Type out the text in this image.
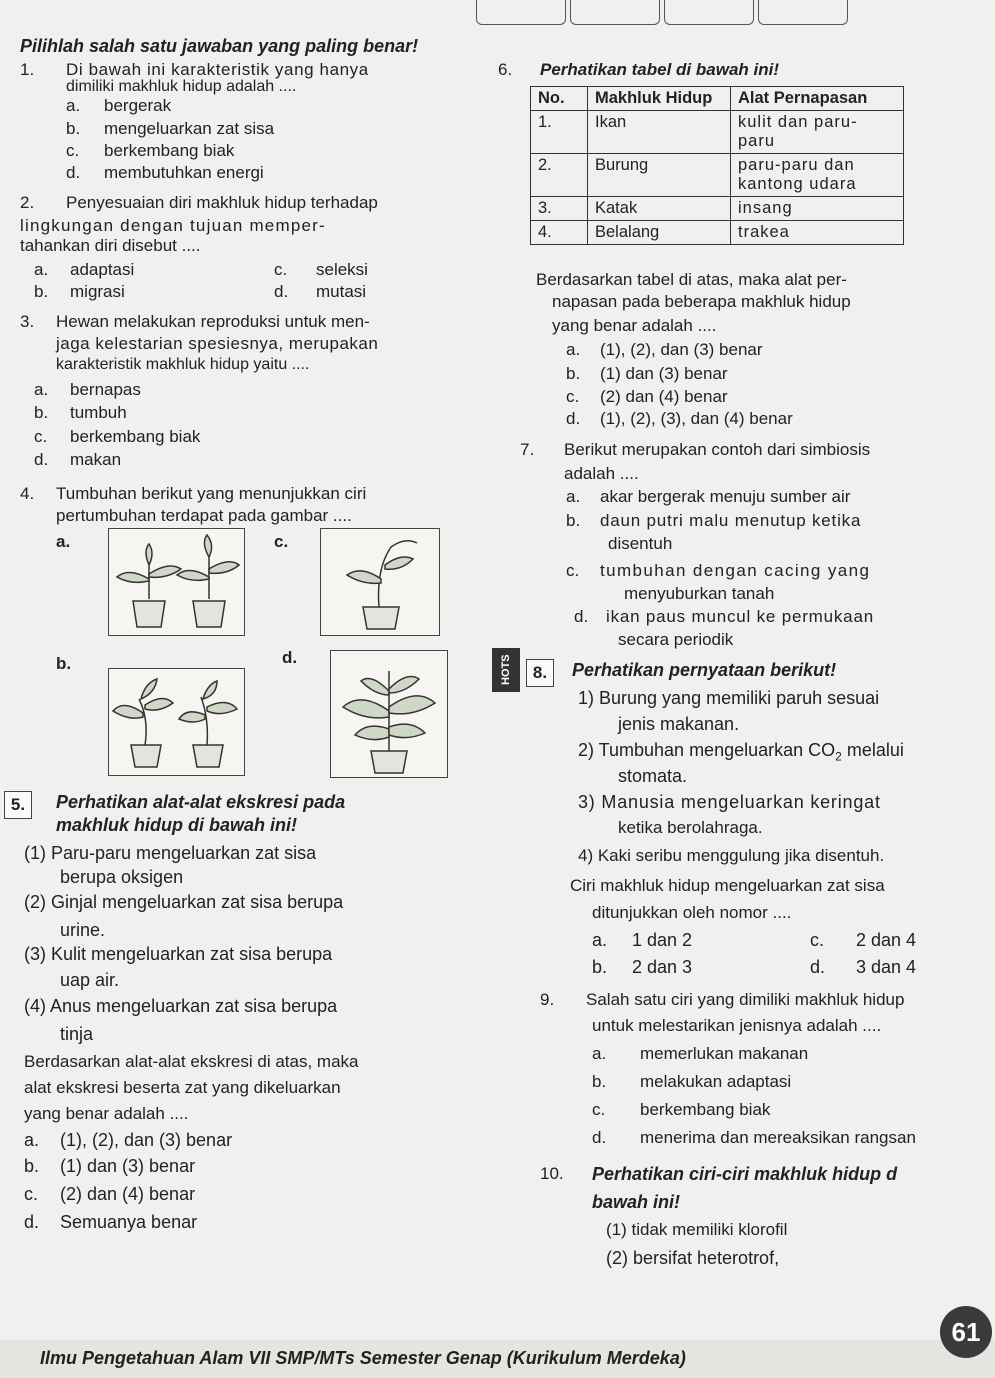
Pilihlah salah satu jawaban yang paling benar!
1. Di bawah ini karakteristik yang hanya
dimiliki makhluk hidup adalah ....
a. bergerak
b. mengeluarkan zat sisa
c. berkembang biak
d. membutuhkan energi
2. Penyesuaian diri makhluk hidup terhadap
lingkungan dengan tujuan memper-
tahankan diri disebut ....
a. adaptasi	c. seleksi
b. migrasi	d. mutasi
3. Hewan melakukan reproduksi untuk men-
jaga kelestarian spesiesnya, merupakan
karakteristik makhluk hidup yaitu ....
a. bernapas
b. tumbuh
c. berkembang biak
d. makan
4. Tumbuhan berikut yang menunjukkan ciri
pertumbuhan terdapat pada gambar ....
a.	c.
b.	d.
5.	Perhatikan alat-alat ekskresi pada
makhluk hidup di bawah ini!
(1) Paru-paru mengeluarkan zat sisa
berupa oksigen
(2) Ginjal mengeluarkan zat sisa berupa
urine.
(3) Kulit mengeluarkan zat sisa berupa
uap air.
(4) Anus mengeluarkan zat sisa berupa
tinja
Berdasarkan alat-alat ekskresi di atas, maka
alat ekskresi beserta zat yang dikeluarkan
yang benar adalah ....
a. (1), (2), dan (3) benar
b. (1) dan (3) benar
c. (2) dan (4) benar
d. Semuanya benar
6. Perhatikan tabel di bawah ini!
No.	Makhluk Hidup	Alat Pernapasan
1.	Ikan	kulit dan paru-
paru

2.	Burung	paru-paru dan
kantong udara

3.	Katak	insang

4.	Belalang	trakea
Berdasarkan tabel di atas, maka alat per-
napasan pada beberapa makhluk hidup
yang benar adalah ....
a. (1), (2), dan (3) benar
b. (1) dan (3) benar
c. (2) dan (4) benar
d. (1), (2), (3), dan (4) benar
7. Berikut merupakan contoh dari simbiosis
adalah ....
a. akar bergerak menuju sumber air
b. daun putri malu menutup ketika
disentuh
c. tumbuhan dengan cacing yang
menyuburkan tanah
d. ikan paus muncul ke permukaan
secara periodik
HOTS	8.	Perhatikan pernyataan berikut!
1) Burung yang memiliki paruh sesuai
jenis makanan.
2) Tumbuhan mengeluarkan $CO_2$ melalui
stomata.
3) Manusia mengeluarkan keringat
ketika berolahraga.
4) Kaki seribu menggulung jika disentuh.
Ciri makhluk hidup mengeluarkan zat sisa
ditunjukkan oleh nomor ....
a. 1 dan 2	c. 2 dan 4
b. 2 dan 3	d. 3 dan 4
9. Salah satu ciri yang dimiliki makhluk hidup
untuk melestarikan jenisnya adalah ....
a. memerlukan makanan
b. melakukan adaptasi
c. berkembang biak
d. menerima dan mereaksikan rangsan
10. Perhatikan ciri-ciri makhluk hidup d
bawah ini!
(1) tidak memiliki klorofil
(2) bersifat heterotrof,
Ilmu Pengetahuan Alam VII SMP/MTs Semester Genap (Kurikulum Merdeka)
61
